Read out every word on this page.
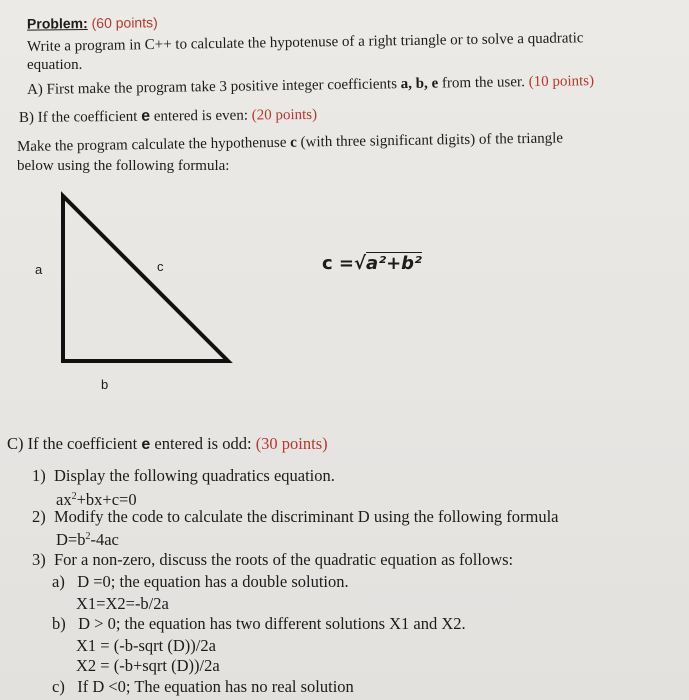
Problem: (60 points)
Write a program in C++ to calculate the hypotenuse of a right triangle or to solve a quadratic
equation.
A) First make the program take 3 positive integer coefficients a, b, e from the user. (10 points)
B) If the coefficient e entered is even: (20 points)
Make the program calculate the hypothenuse c (with three significant digits) of the triangle
below using the following formula:
a	c
b
c =√a²+b²
C) If the coefficient e entered is odd: (30 points)
1) Display the following quadratics equation.
$ax^2+bx+c=0$
2) Modify the code to calculate the discriminant D using the following formula
$D=b^2-4ac$
3) For a non-zero, discuss the roots of the quadratic equation as follows:
a) D =0; the equation has a double solution.
X1=X2=-b/2a
b) D > 0; the equation has two different solutions X1 and X2.
X1 = (-b-sqrt (D))/2a
X2 = (-b+sqrt (D))/2a
c) If D <0; The equation has no real solution
